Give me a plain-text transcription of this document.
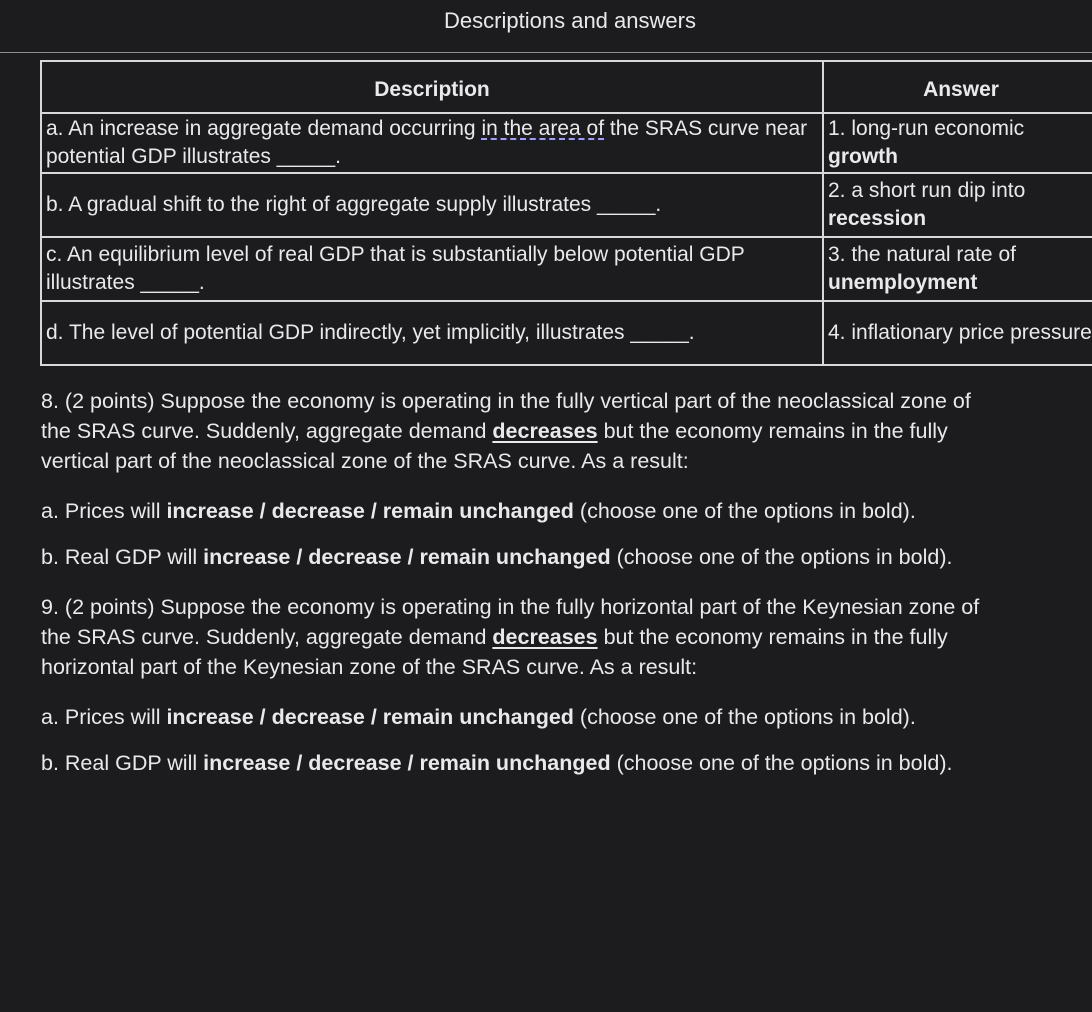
Descriptions and answers
Description	Answer
a. An increase in aggregate demand occurring in the area of the SRAS curve near potential GDP illustrates _____.	1. long-run economic growth
b. A gradual shift to the right of aggregate supply illustrates _____.	2. a short run dip into recession
c. An equilibrium level of real GDP that is substantially below potential GDP illustrates _____.	3. the natural rate of unemployment
d. The level of potential GDP indirectly, yet implicitly, illustrates _____.	4. inflationary price pressure

8. (2 points) Suppose the economy is operating in the fully vertical part of the neoclassical zone of the SRAS curve. Suddenly, aggregate demand decreases but the economy remains in the fully vertical part of the neoclassical zone of the SRAS curve. As a result:

a. Prices will increase / decrease / remain unchanged (choose one of the options in bold).

b. Real GDP will increase / decrease / remain unchanged (choose one of the options in bold).

9. (2 points) Suppose the economy is operating in the fully horizontal part of the Keynesian zone of the SRAS curve. Suddenly, aggregate demand decreases but the economy remains in the fully horizontal part of the Keynesian zone of the SRAS curve. As a result:

a. Prices will increase / decrease / remain unchanged (choose one of the options in bold).

b. Real GDP will increase / decrease / remain unchanged (choose one of the options in bold).
